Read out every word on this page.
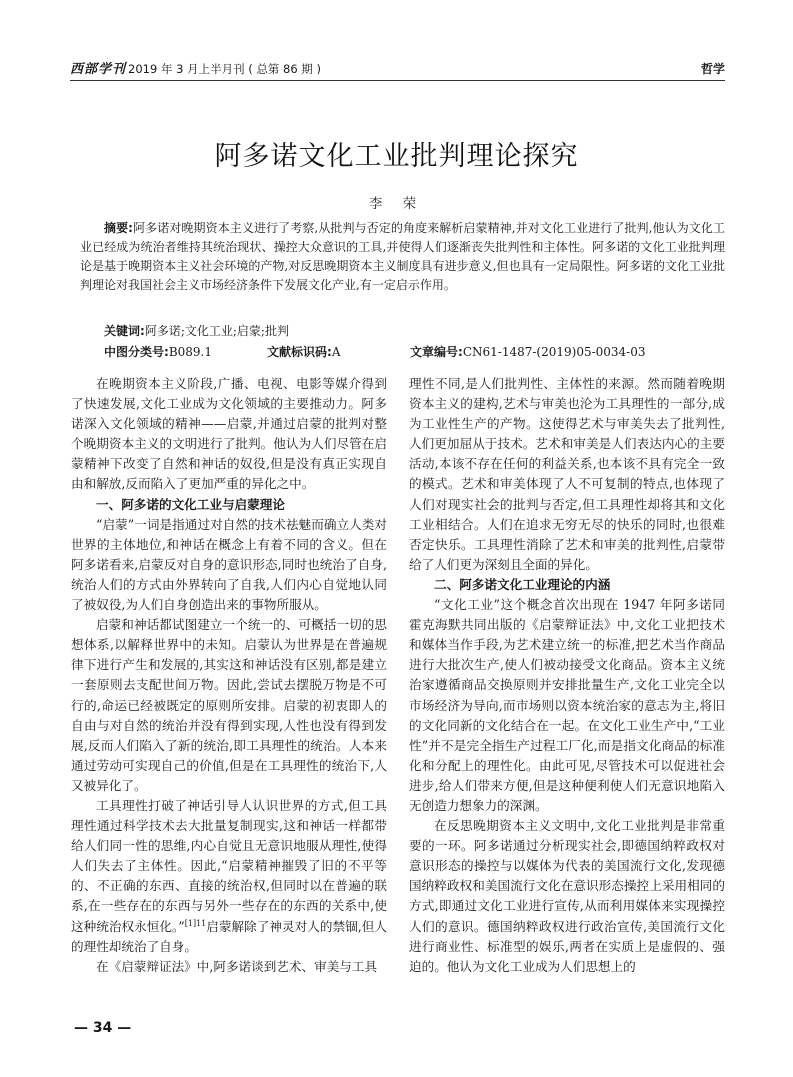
西部学刊 2019 年 3 月上半月刊 ( 总第 86 期 )	哲学
阿多诺文化工业批判理论探究
李 荣
摘要:阿多诺对晚期资本主义进行了考察,从批判与否定的角度来解析启蒙精神,并对文化工业进行了批判,他认为文化工业已经成为统治者维持其统治现状、操控大众意识的工具,并使得人们逐渐丧失批判性和主体性。阿多诺的文化工业批判理论是基于晚期资本主义社会环境的产物,对反思晚期资本主义制度具有进步意义,但也具有一定局限性。阿多诺的文化工业批判理论对我国社会主义市场经济条件下发展文化产业,有一定启示作用。
关键词:阿多诺;文化工业;启蒙;批判
中图分类号:B089.1	文献标识码:A	文章编号:CN61-1487-(2019)05-0034-03

在晚期资本主义阶段,广播、电视、电影等媒介得到了快速发展,文化工业成为文化领域的主要推动力。阿多诺深入文化领域的精神——启蒙,并通过启蒙的批判对整个晚期资本主义的文明进行了批判。他认为人们尽管在启蒙精神下改变了自然和神话的奴役,但是没有真正实现自由和解放,反而陷入了更加严重的异化之中。

一、阿多诺的文化工业与启蒙理论

“启蒙”一词是指通过对自然的技术祛魅而确立人类对世界的主体地位,和神话在概念上有着不同的含义。但在阿多诺看来,启蒙反对自身的意识形态,同时也统治了自身,统治人们的方式由外界转向了自我,人们内心自觉地认同了被奴役,为人们自身创造出来的事物所服从。

启蒙和神话都试图建立一个统一的、可概括一切的思想体系,以解释世界中的未知。启蒙认为世界是在普遍规律下进行产生和发展的,其实这和神话没有区别,都是建立一套原则去支配世间万物。因此,尝试去摆脱万物是不可行的,命运已经被既定的原则所安排。启蒙的初衷即人的自由与对自然的统治并没有得到实现,人性也没有得到发展,反而人们陷入了新的统治,即工具理性的统治。人本来通过劳动可实现自己的价值,但是在工具理性的统治下,人又被异化了。

工具理性打破了神话引导人认识世界的方式,但工具理性通过科学技术去大批量复制现实,这和神话一样都带给人们同一性的思维,内心自觉且无意识地服从理性,使得人们失去了主体性。因此,“启蒙精神摧毁了旧的不平等的、不正确的东西、直接的统治权,但同时以在普遍的联系,在一些存在的东西与另外一些存在的东西的关系中,使这种统治权永恒化。”$^{[1]11}$启蒙解除了神灵对人的禁锢,但人的理性却统治了自身。

在《启蒙辩证法》中,阿多诺谈到艺术、审美与工具

理性不同,是人们批判性、主体性的来源。然而随着晚期资本主义的建构,艺术与审美也沦为工具理性的一部分,成为工业性生产的产物。这使得艺术与审美失去了批判性,人们更加屈从于技术。艺术和审美是人们表达内心的主要活动,本该不存在任何的利益关系,也本该不具有完全一致的模式。艺术和审美体现了人不可复制的特点,也体现了人们对现实社会的批判与否定,但工具理性却将其和文化工业相结合。人们在追求无穷无尽的快乐的同时,也很难否定快乐。工具理性消除了艺术和审美的批判性,启蒙带给了人们更为深刻且全面的异化。

二、阿多诺文化工业理论的内涵

“文化工业”这个概念首次出现在 1947 年阿多诺同霍克海默共同出版的《启蒙辩证法》中,文化工业把技术和媒体当作手段,为艺术建立统一的标准,把艺术当作商品进行大批次生产,使人们被动接受文化商品。资本主义统治家遵循商品交换原则并安排批量生产,文化工业完全以市场经济为导向,而市场则以资本统治家的意志为主,将旧的文化同新的文化结合在一起。在文化工业生产中,“工业性”并不是完全指生产过程工厂化,而是指文化商品的标准化和分配上的理性化。由此可见,尽管技术可以促进社会进步,给人们带来方便,但是这种便利使人们无意识地陷入无创造力想象力的深渊。

在反思晚期资本主义文明中,文化工业批判是非常重要的一环。阿多诺通过分析现实社会,即德国纳粹政权对意识形态的操控与以媒体为代表的美国流行文化,发现德国纳粹政权和美国流行文化在意识形态操控上采用相同的方式,即通过文化工业进行宣传,从而利用媒体来实现操控人们的意识。德国纳粹政权进行政治宣传,美国流行文化进行商业性、标准型的娱乐,两者在实质上是虚假的、强迫的。他认为文化工业成为人们思想上的

— 34 —
